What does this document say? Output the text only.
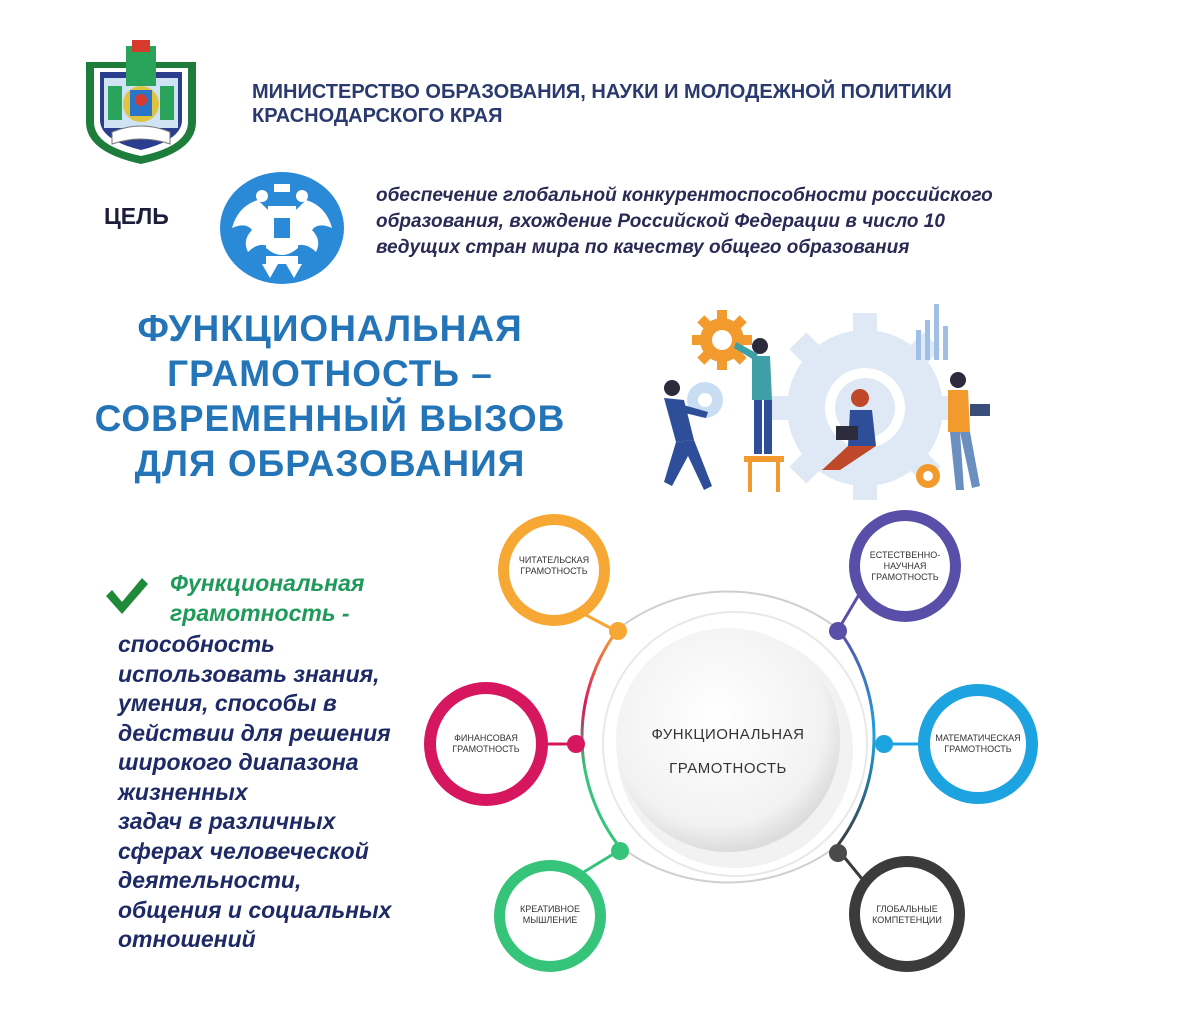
МИНИСТЕРСТВО ОБРАЗОВАНИЯ, НАУКИ И МОЛОДЕЖНОЙ ПОЛИТИКИ
КРАСНОДАРСКОГО КРАЯ
ЦЕЛЬ
обеспечение глобальной конкурентоспособности российского
образования, вхождение Российской Федерации в число 10
ведущих стран мира по качеству общего образования
ФУНКЦИОНАЛЬНАЯ
ГРАМОТНОСТЬ –
СОВРЕМЕННЫЙ ВЫЗОВ
ДЛЯ ОБРАЗОВАНИЯ
Функциональная
грамотность -
способность
использовать знания,
умения, способы в
действии для решения
широкого диапазона
жизненных
задач в различных
сферах человеческой
деятельности,
общения и социальных
отношений
ФУНКЦИОНАЛЬНАЯ
ГРАМОТНОСТЬ
ЧИТАТЕЛЬСКАЯ
ГРАМОТНОСТЬ
ЕСТЕСТВЕННО-
НАУЧНАЯ
ГРАМОТНОСТЬ
ФИНАНСОВАЯ
ГРАМОТНОСТЬ
МАТЕМАТИЧЕСКАЯ
ГРАМОТНОСТЬ
КРЕАТИВНОЕ
МЫШЛЕНИЕ
ГЛОБАЛЬНЫЕ
КОМПЕТЕНЦИИ
